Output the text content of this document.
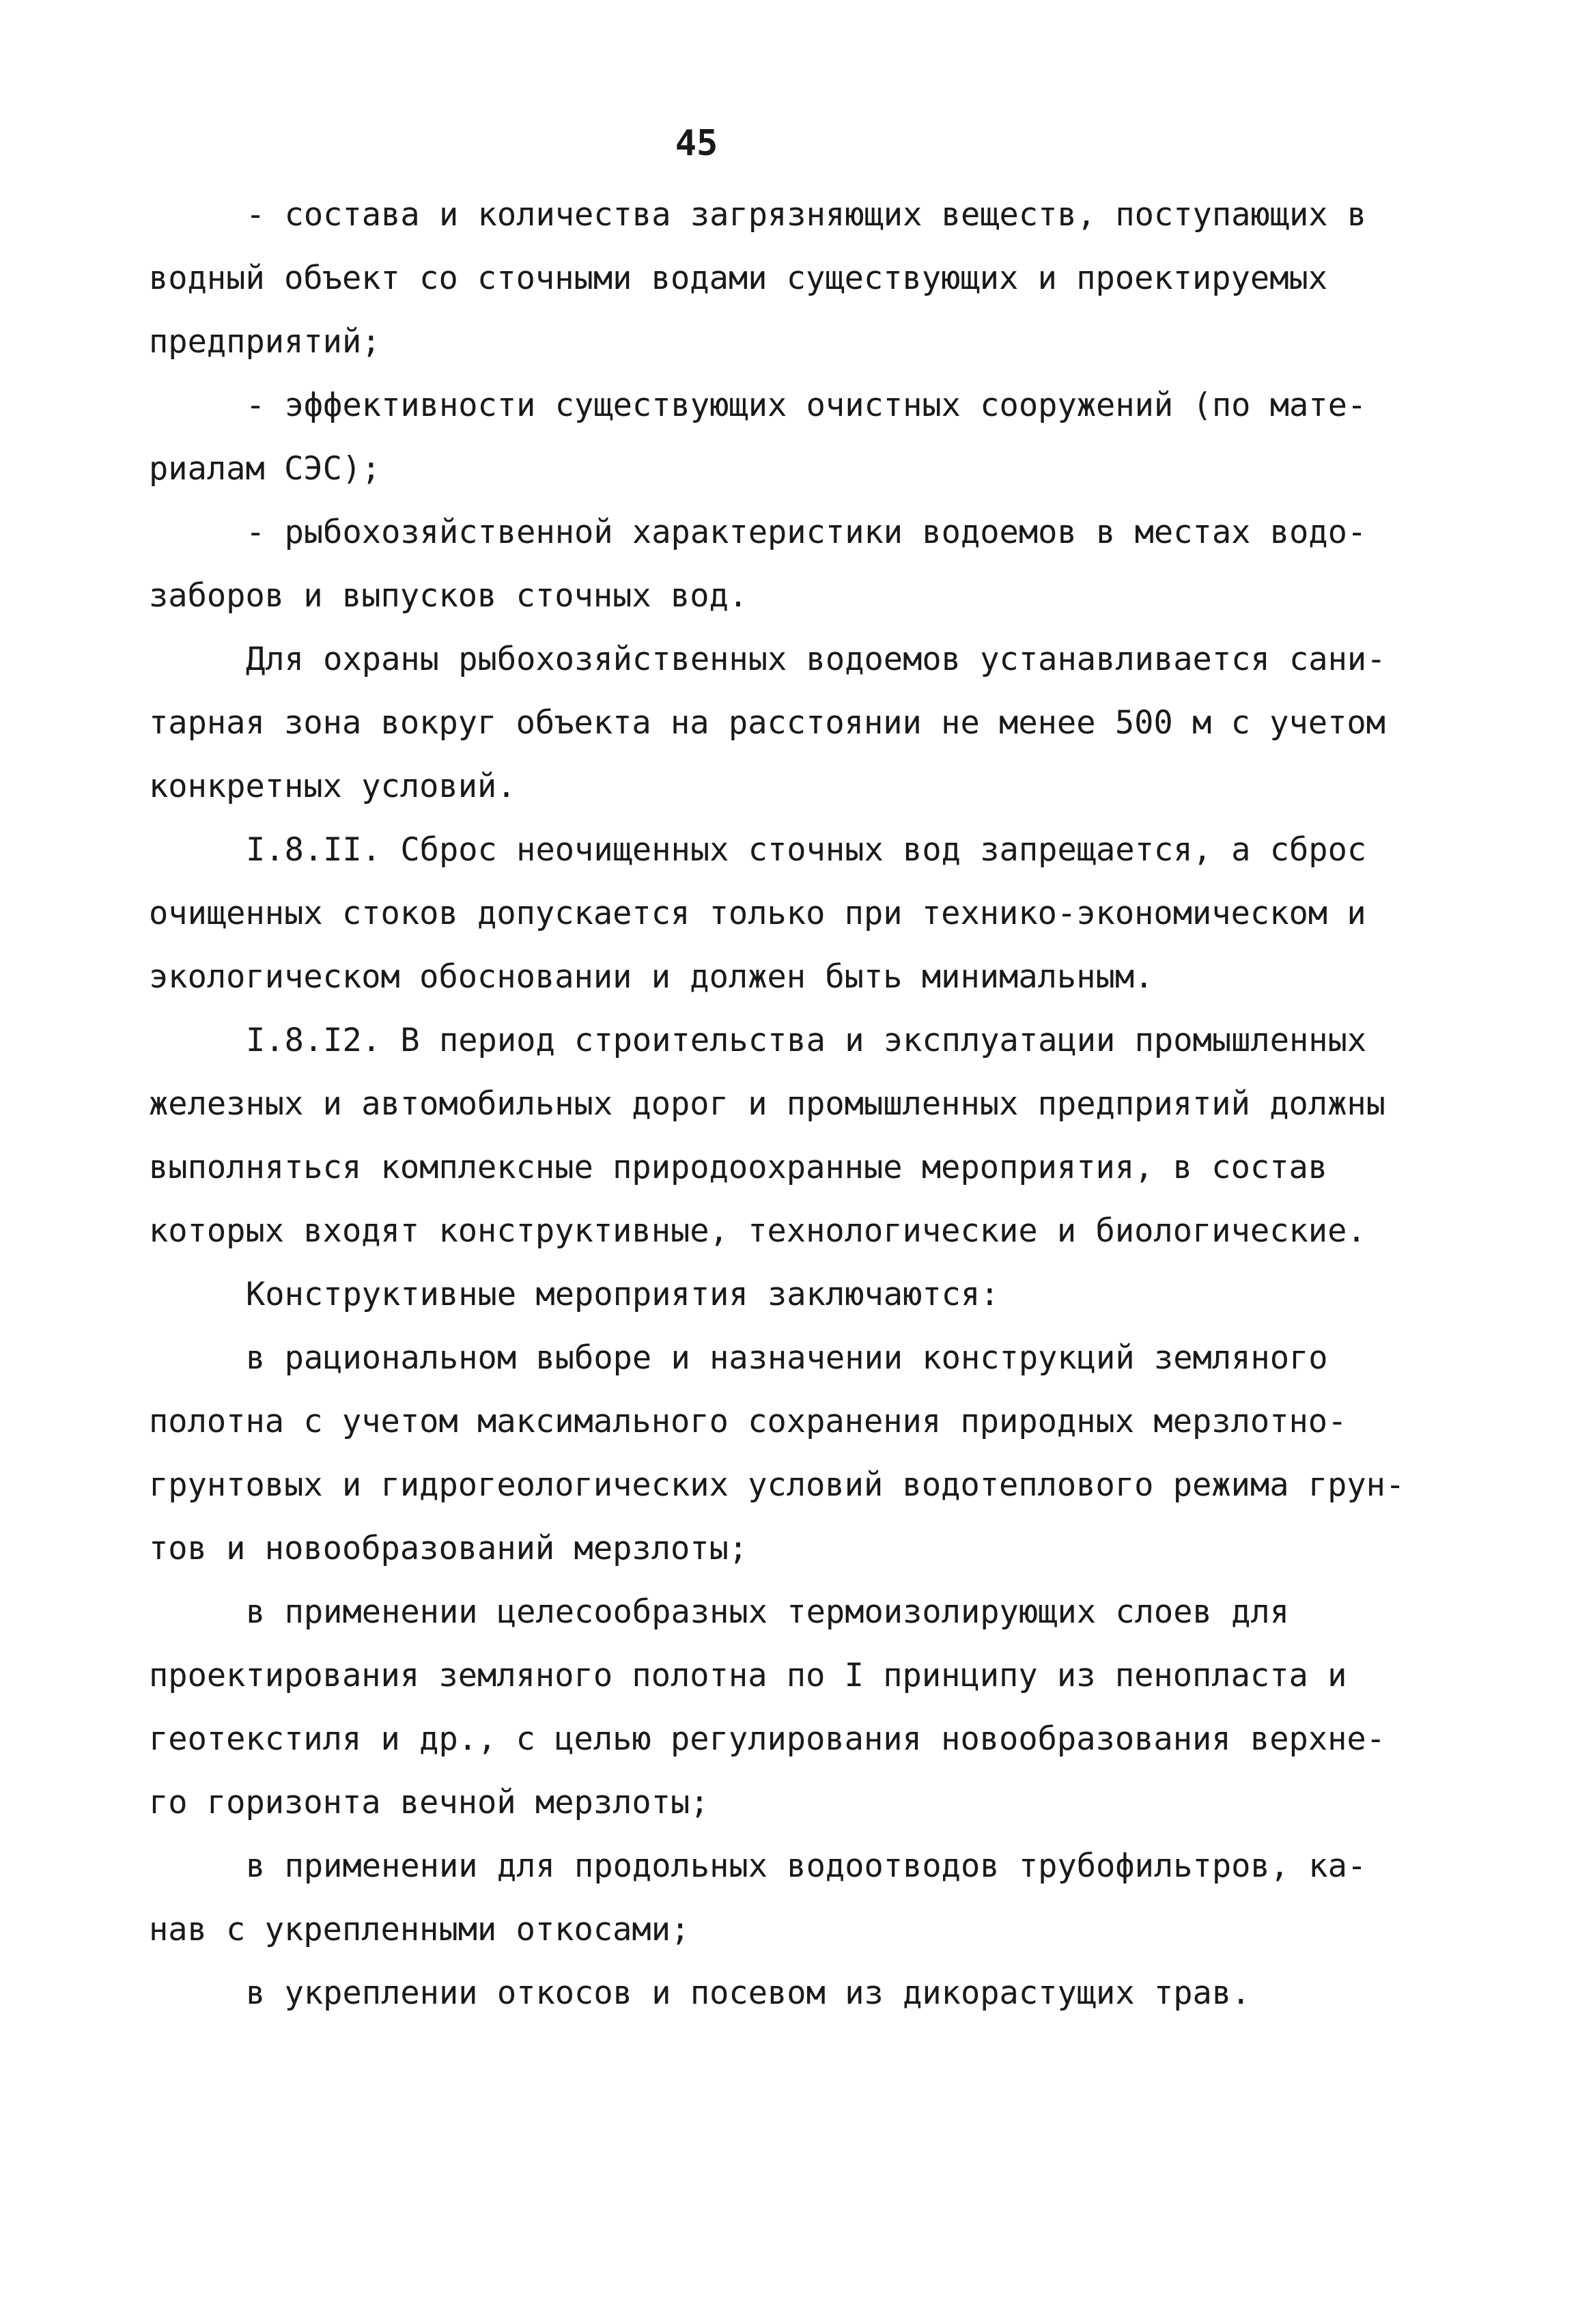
45
- состава и количества загрязняющих веществ, поступающих в
водный объект со сточными водами существующих и проектируемых
предприятий;
- эффективности существующих очистных сооружений (по мате-
риалам СЭС);
- рыбохозяйственной характеристики водоемов в местах водо-
заборов и выпусков сточных вод.
Для охраны рыбохозяйственных водоемов устанавливается сани-
тарная зона вокруг объекта на расстоянии не менее 500 м с учетом
конкретных условий.
I.8.II. Сброс неочищенных сточных вод запрещается, а сброс
очищенных стоков допускается только при технико-экономическом и
экологическом обосновании и должен быть минимальным.
I.8.I2. В период строительства и эксплуатации промышленных
железных и автомобильных дорог и промышленных предприятий должны
выполняться комплексные природоохранные мероприятия, в состав
которых входят конструктивные, технологические и биологические.
Конструктивные мероприятия заключаются:
в рациональном выборе и назначении конструкций земляного
полотна с учетом максимального сохранения природных мерзлотно-
грунтовых и гидрогеологических условий водотеплового режима грун-
тов и новообразований мерзлоты;
в применении целесообразных термоизолирующих слоев для
проектирования земляного полотна по I принципу из пенопласта и
геотекстиля и др., с целью регулирования новообразования верхне-
го горизонта вечной мерзлоты;
в применении для продольных водоотводов трубофильтров, ка-
нав с укрепленными откосами;
в укреплении откосов и посевом из дикорастущих трав.
